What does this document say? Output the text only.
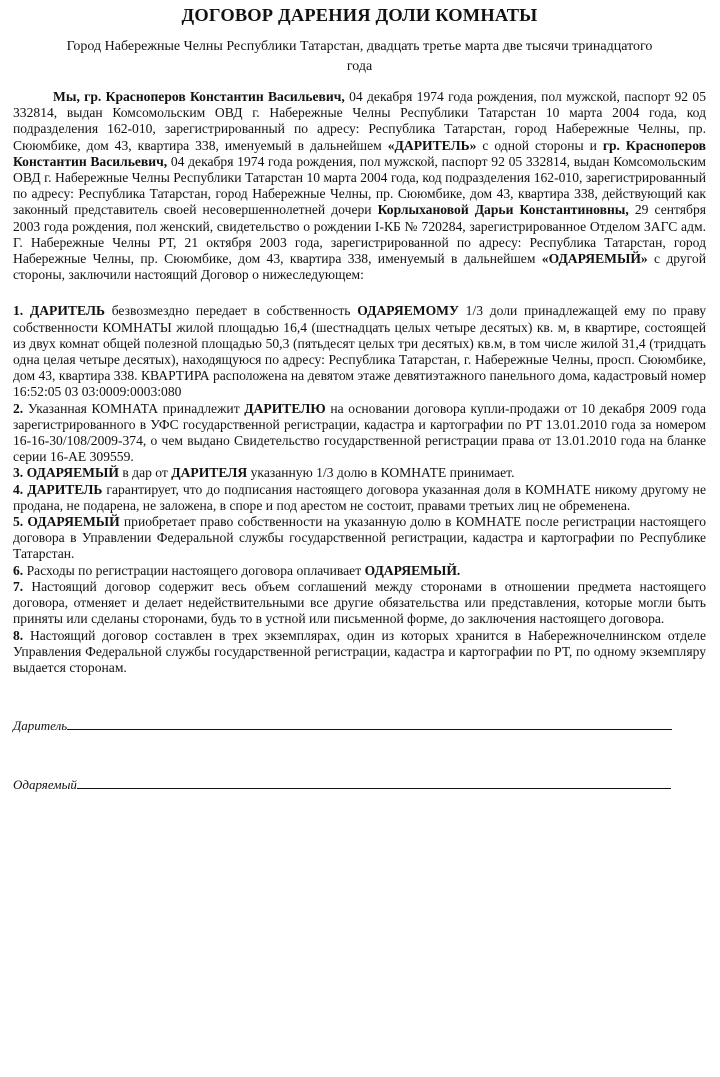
ДОГОВОР ДАРЕНИЯ ДОЛИ КОМНАТЫ
Город Набережные Челны Республики Татарстан, двадцать третье марта две тысячи тринадцатого года

Мы, гр. Красноперов Константин Васильевич, 04 декабря 1974 года рождения, пол мужской, паспорт 92 05 332814, выдан Комсомольским ОВД г. Набережные Челны Республики Татарстан 10 марта 2004 года, код подразделения 162-010, зарегистрированный по адресу: Республика Татарстан, город Набережные Челны, пр. Сююмбике, дом 43, квартира 338, именуемый в дальнейшем «ДАРИТЕЛЬ» с одной стороны и гр. Красноперов Константин Васильевич, 04 декабря 1974 года рождения, пол мужской, паспорт 92 05 332814, выдан Комсомольским ОВД г. Набережные Челны Республики Татарстан 10 марта 2004 года, код подразделения 162-010, зарегистрированный по адресу: Республика Татарстан, город Набережные Челны, пр. Сююмбике, дом 43, квартира 338, действующий как законный представитель своей несовершеннолетней дочери Корлыхановой Дарьи Константиновны, 29 сентября 2003 года рождения, пол женский, свидетельство о рождении I-КБ № 720284, зарегистрированное Отделом ЗАГС адм. Г. Набережные Челны РТ, 21 октября 2003 года, зарегистрированной по адресу: Республика Татарстан, город Набережные Челны, пр. Сююмбике, дом 43, квартира 338, именуемый в дальнейшем «ОДАРЯЕМЫЙ» с другой стороны, заключили настоящий Договор о нижеследующем:

1. ДАРИТЕЛЬ безвозмездно передает в собственность ОДАРЯЕМОМУ 1/3 доли принадлежащей ему по праву собственности КОМНАТЫ жилой площадью 16,4 (шестнадцать целых четыре десятых) кв. м, в квартире, состоящей из двух комнат общей полезной площадью 50,3 (пятьдесят целых три десятых) кв.м, в том числе жилой 31,4 (тридцать одна целая четыре десятых), находящуюся по адресу: Республика Татарстан, г. Набережные Челны, просп. Сююмбике, дом 43, квартира 338. КВАРТИРА расположена на девятом этаже девятиэтажного панельного дома, кадастровый номер 16:52:05 03 03:0009:0003:080

2. Указанная КОМНАТА принадлежит ДАРИТЕЛЮ на основании договора купли-продажи от 10 декабря 2009 года зарегистрированного в УФС государственной регистрации, кадастра и картографии по РТ 13.01.2010 года за номером 16-16-30/108/2009-374, о чем выдано Свидетельство государственной регистрации права от 13.01.2010 года на бланке серии 16-АЕ 309559.

3. ОДАРЯЕМЫЙ в дар от ДАРИТЕЛЯ указанную 1/3 долю в КОМНАТЕ принимает.

4. ДАРИТЕЛЬ гарантирует, что до подписания настоящего договора указанная доля в КОМНАТЕ никому другому не продана, не подарена, не заложена, в споре и под арестом не состоит, правами третьих лиц не обременена.

5. ОДАРЯЕМЫЙ приобретает право собственности на указанную долю в КОМНАТЕ после регистрации настоящего договора в Управлении Федеральной службы государственной регистрации, кадастра и картографии по Республике Татарстан.

6. Расходы по регистрации настоящего договора оплачивает ОДАРЯЕМЫЙ.

7. Настоящий договор содержит весь объем соглашений между сторонами в отношении предмета настоящего договора, отменяет и делает недействительными все другие обязательства или представления, которые могли быть приняты или сделаны сторонами, будь то в устной или письменной форме, до заключения настоящего договора.

8. Настоящий договор составлен в трех экземплярах, один из которых хранится в Набережночелнинском отделе Управления Федеральной службы государственной регистрации, кадастра и картографии по РТ, по одному экземпляру выдается сторонам.

Даритель
Одаряемый
